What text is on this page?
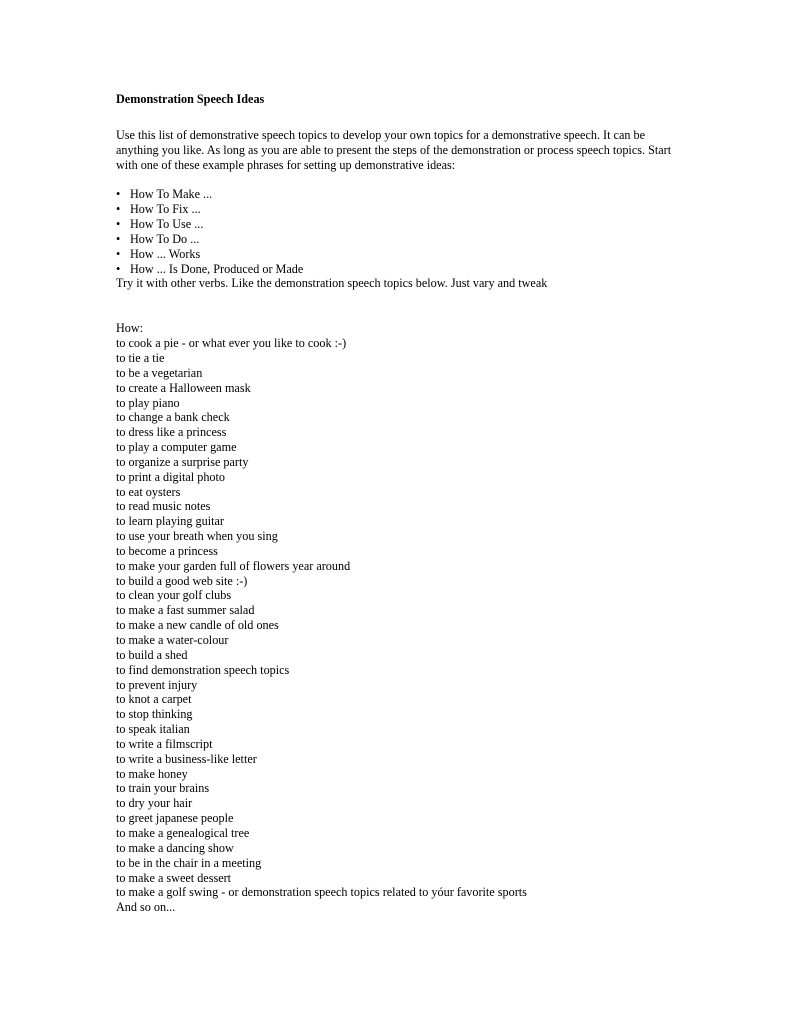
Demonstration Speech Ideas

Use this list of demonstrative speech topics to develop your own topics for a demonstrative speech. It can be anything you like. As long as you are able to present the steps of the demonstration or process speech topics. Start with one of these example phrases for setting up demonstrative ideas:

• How To Make ...
• How To Fix ...
• How To Use ...
• How To Do ...
• How ... Works
• How ... Is Done, Produced or Made

Try it with other verbs. Like the demonstration speech topics below. Just vary and tweak

How:
to cook a pie - or what ever you like to cook :-)
to tie a tie
to be a vegetarian
to create a Halloween mask
to play piano
to change a bank check
to dress like a princess
to play a computer game
to organize a surprise party
to print a digital photo
to eat oysters
to read music notes
to learn playing guitar
to use your breath when you sing
to become a princess
to make your garden full of flowers year around
to build a good web site :-)
to clean your golf clubs
to make a fast summer salad
to make a new candle of old ones
to make a water-colour
to build a shed
to find demonstration speech topics
to prevent injury
to knot a carpet
to stop thinking
to speak italian
to write a filmscript
to write a business-like letter
to make honey
to train your brains
to dry your hair
to greet japanese people
to make a genealogical tree
to make a dancing show
to be in the chair in a meeting
to make a sweet dessert
to make a golf swing - or demonstration speech topics related to yóur favorite sports
And so on...
